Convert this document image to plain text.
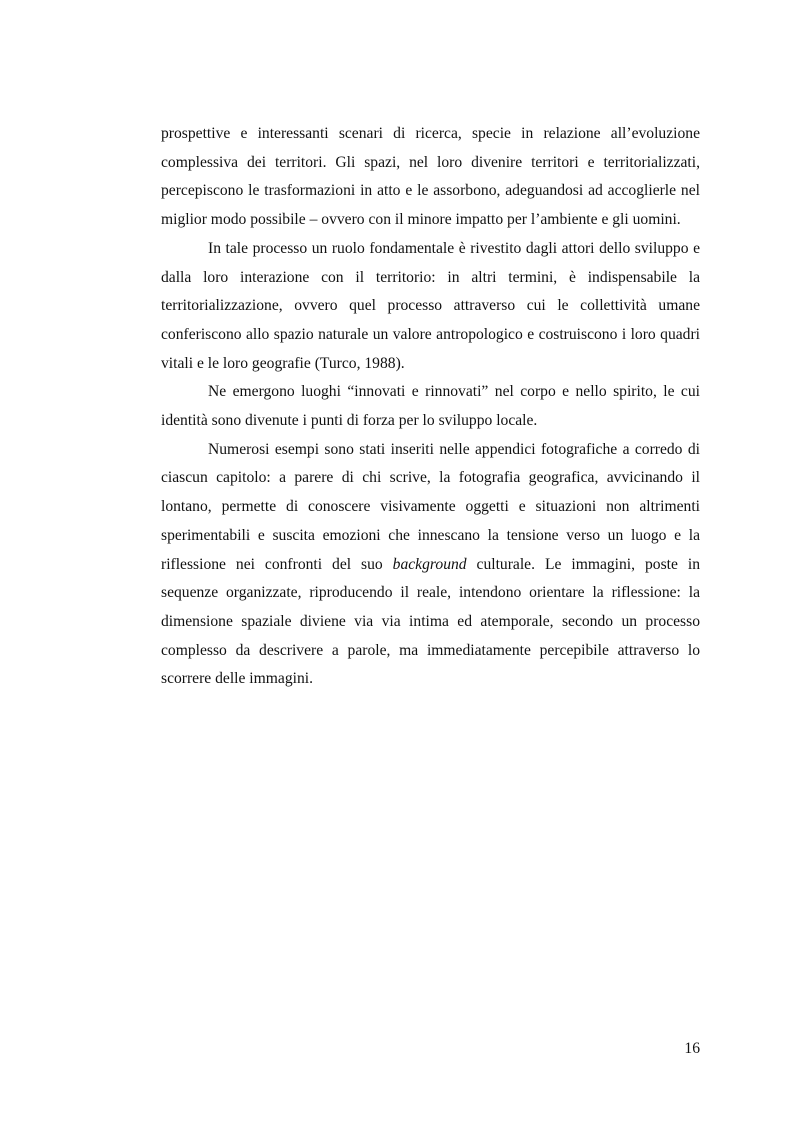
prospettive e interessanti scenari di ricerca, specie in relazione all’evoluzione complessiva dei territori. Gli spazi, nel loro divenire territori e territorializzati, percepiscono le trasformazioni in atto e le assorbono, adeguandosi ad accoglierle nel miglior modo possibile – ovvero con il minore impatto per l’ambiente e gli uomini.

In tale processo un ruolo fondamentale è rivestito dagli attori dello sviluppo e dalla loro interazione con il territorio: in altri termini, è indispensabile la territorializzazione, ovvero quel processo attraverso cui le collettività umane conferiscono allo spazio naturale un valore antropologico e costruiscono i loro quadri vitali e le loro geografie (Turco, 1988).

Ne emergono luoghi “innovati e rinnovati” nel corpo e nello spirito, le cui identità sono divenute i punti di forza per lo sviluppo locale.

Numerosi esempi sono stati inseriti nelle appendici fotografiche a corredo di ciascun capitolo: a parere di chi scrive, la fotografia geografica, avvicinando il lontano, permette di conoscere visivamente oggetti e situazioni non altrimenti sperimentabili e suscita emozioni che innescano la tensione verso un luogo e la riflessione nei confronti del suo background culturale. Le immagini, poste in sequenze organizzate, riproducendo il reale, intendono orientare la riflessione: la dimensione spaziale diviene via via intima ed atemporale, secondo un processo complesso da descrivere a parole, ma immediatamente percepibile attraverso lo scorrere delle immagini.

16
